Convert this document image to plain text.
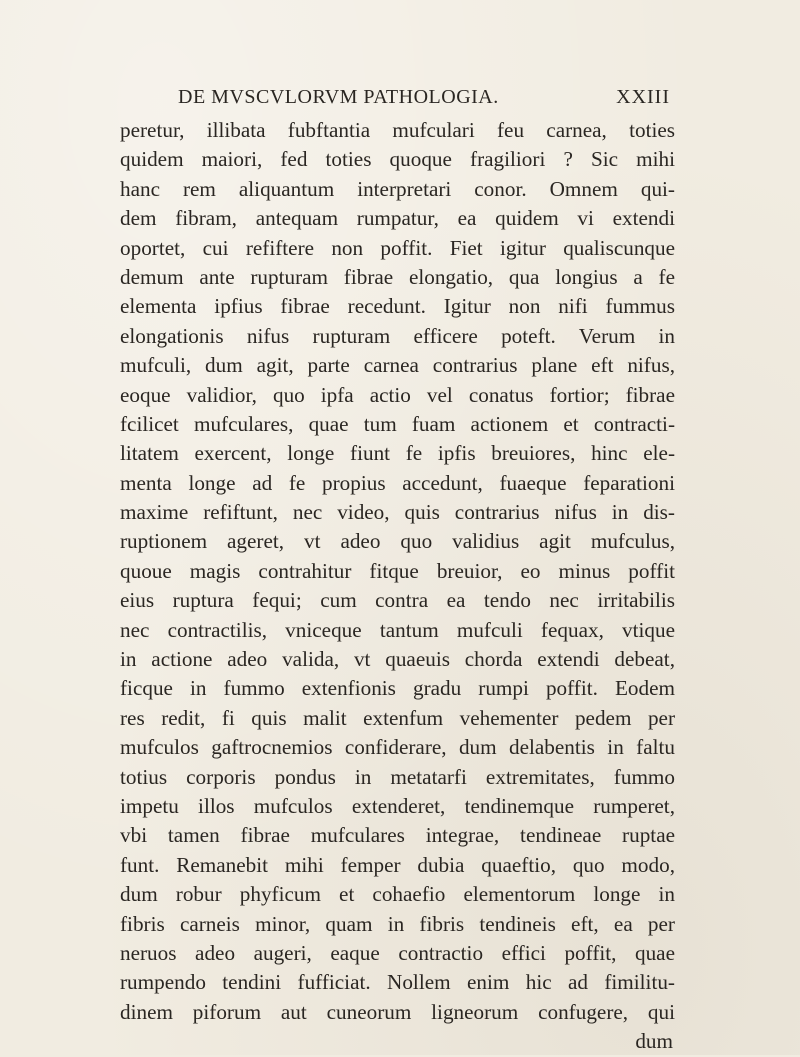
DE MVSCVLORVM PATHOLOGIA.	XXIII
peretur, illibata fubftantia mufculari feu carnea, toties
quidem maiori, fed toties quoque fragiliori ? Sic mihi
hanc rem aliquantum interpretari conor. Omnem qui-
dem fibram, antequam rumpatur, ea quidem vi extendi
oportet, cui refiftere non poffit. Fiet igitur qualiscunque
demum ante rupturam fibrae elongatio, qua longius a fe
elementa ipfius fibrae recedunt. Igitur non nifi fummus
elongationis nifus rupturam efficere poteft. Verum in
mufculi, dum agit, parte carnea contrarius plane eft nifus,
eoque validior, quo ipfa actio vel conatus fortior; fibrae
fcilicet mufculares, quae tum fuam actionem et contracti-
litatem exercent, longe fiunt fe ipfis breuiores, hinc ele-
menta longe ad fe propius accedunt, fuaeque feparationi
maxime refiftunt, nec video, quis contrarius nifus in dis-
ruptionem ageret, vt adeo quo validius agit mufculus,
quoue magis contrahitur fitque breuior, eo minus poffit
eius ruptura fequi; cum contra ea tendo nec irritabilis
nec contractilis, vniceque tantum mufculi fequax, vtique
in actione adeo valida, vt quaeuis chorda extendi debeat,
ficque in fummo extenfionis gradu rumpi poffit. Eodem
res redit, fi quis malit extenfum vehementer pedem per
mufculos gaftrocnemios confiderare, dum delabentis in faltu
totius corporis pondus in metatarfi extremitates, fummo
impetu illos mufculos extenderet, tendinemque rumperet,
vbi tamen fibrae mufculares integrae, tendineae ruptae
funt. Remanebit mihi femper dubia quaeftio, quo modo,
dum robur phyficum et cohaefio elementorum longe in
fibris carneis minor, quam in fibris tendineis eft, ea per
neruos adeo augeri, eaque contractio effici poffit, quae
rumpendo tendini fufficiat. Nollem enim hic ad fimilitu-
dinem piforum aut cuneorum ligneorum confugere, qui
dum
